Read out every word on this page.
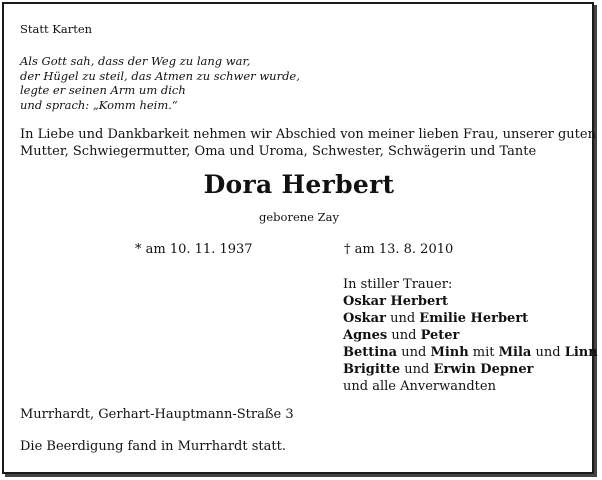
Statt Karten
Als Gott sah, dass der Weg zu lang war,
der Hügel zu steil, das Atmen zu schwer wurde,
legte er seinen Arm um dich
und sprach: „Komm heim.“
In Liebe und Dankbarkeit nehmen wir Abschied von meiner lieben Frau, unserer guten
Mutter, Schwiegermutter, Oma und Uroma, Schwester, Schwägerin und Tante
Dora Herbert
geborene Zay
* am 10. 11. 1937	† am 13. 8. 2010
In stiller Trauer:
Oskar Herbert
Oskar und Emilie Herbert
Agnes und Peter
Bettina und Minh mit Mila und Linn
Brigitte und Erwin Depner
und alle Anverwandten
Murrhardt, Gerhart-Hauptmann-Straße 3
Die Beerdigung fand in Murrhardt statt.
